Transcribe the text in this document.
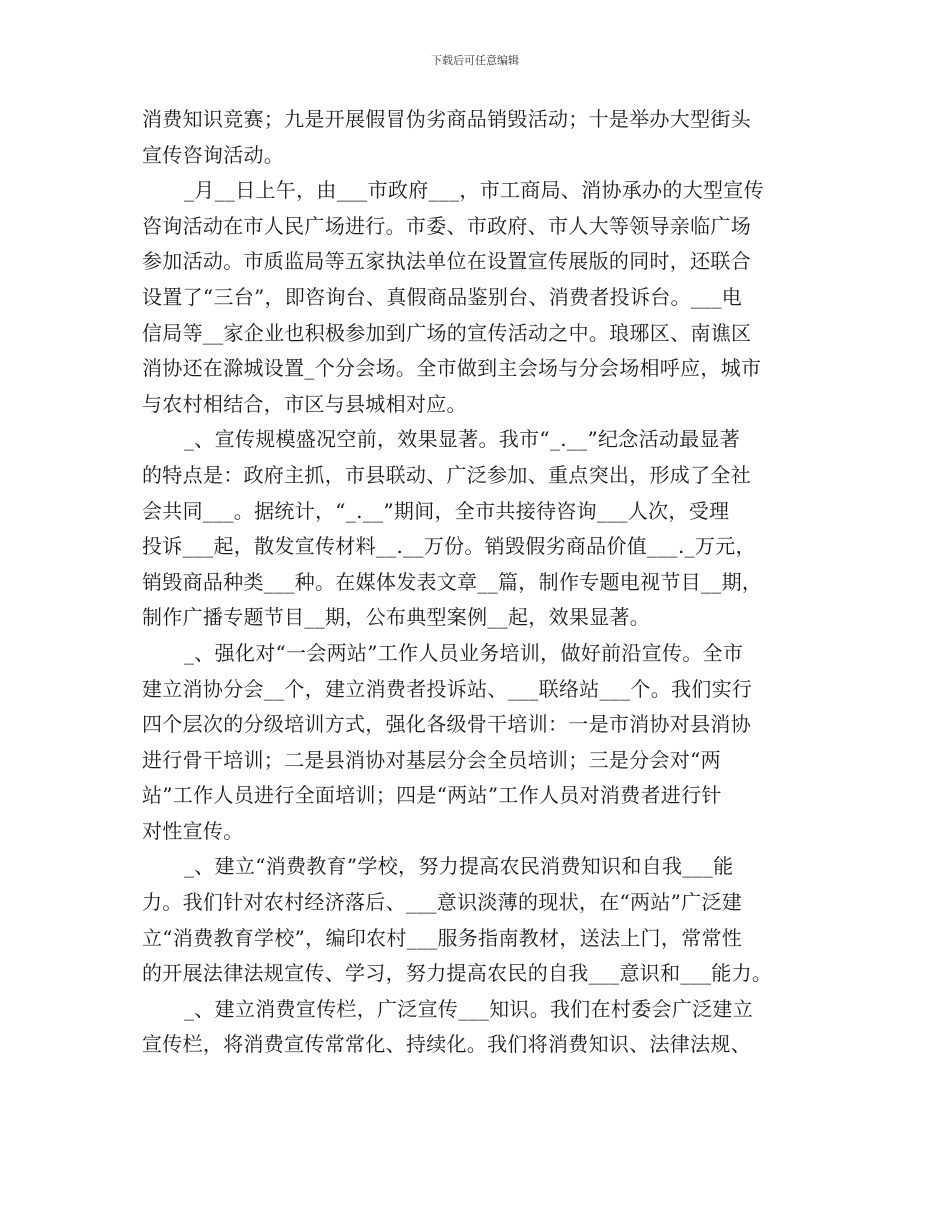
下载后可任意编辑

消费知识竞赛；九是开展假冒伪劣商品销毁活动；十是举办大型街头
宣传咨询活动。

_月__日上午，由___市政府___，市工商局、消协承办的大型宣传
咨询活动在市人民广场进行。市委、市政府、市人大等领导亲临广场
参加活动。市质监局等五家执法单位在设置宣传展版的同时，还联合
设置了“三台”，即咨询台、真假商品鉴别台、消费者投诉台。___电
信局等__家企业也积极参加到广场的宣传活动之中。琅琊区、南谯区
消协还在滁城设置_个分会场。全市做到主会场与分会场相呼应，城市
与农村相结合，市区与县城相对应。

_、宣传规模盛况空前，效果显著。我市“_.__”纪念活动最显著
的特点是：政府主抓，市县联动、广泛参加、重点突出，形成了全社
会共同___。据统计，“_.__”期间，全市共接待咨询___人次，受理
投诉___起，散发宣传材料__.__万份。销毁假劣商品价值___._万元，
销毁商品种类___种。在媒体发表文章__篇，制作专题电视节目__期，
制作广播专题节目__期，公布典型案例__起，效果显著。

_、强化对“一会两站”工作人员业务培训，做好前沿宣传。全市
建立消协分会__个，建立消费者投诉站、___联络站___个。我们实行
四个层次的分级培训方式，强化各级骨干培训：一是市消协对县消协
进行骨干培训；二是县消协对基层分会全员培训；三是分会对“两
站”工作人员进行全面培训；四是“两站”工作人员对消费者进行针
对性宣传。

_、建立“消费教育”学校，努力提高农民消费知识和自我___能
力。我们针对农村经济落后、___意识淡薄的现状，在“两站”广泛建
立“消费教育学校”，编印农村___服务指南教材，送法上门，常常性
的开展法律法规宣传、学习，努力提高农民的自我___意识和___能力。

_、建立消费宣传栏，广泛宣传___知识。我们在村委会广泛建立
宣传栏，将消费宣传常常化、持续化。我们将消费知识、法律法规、
